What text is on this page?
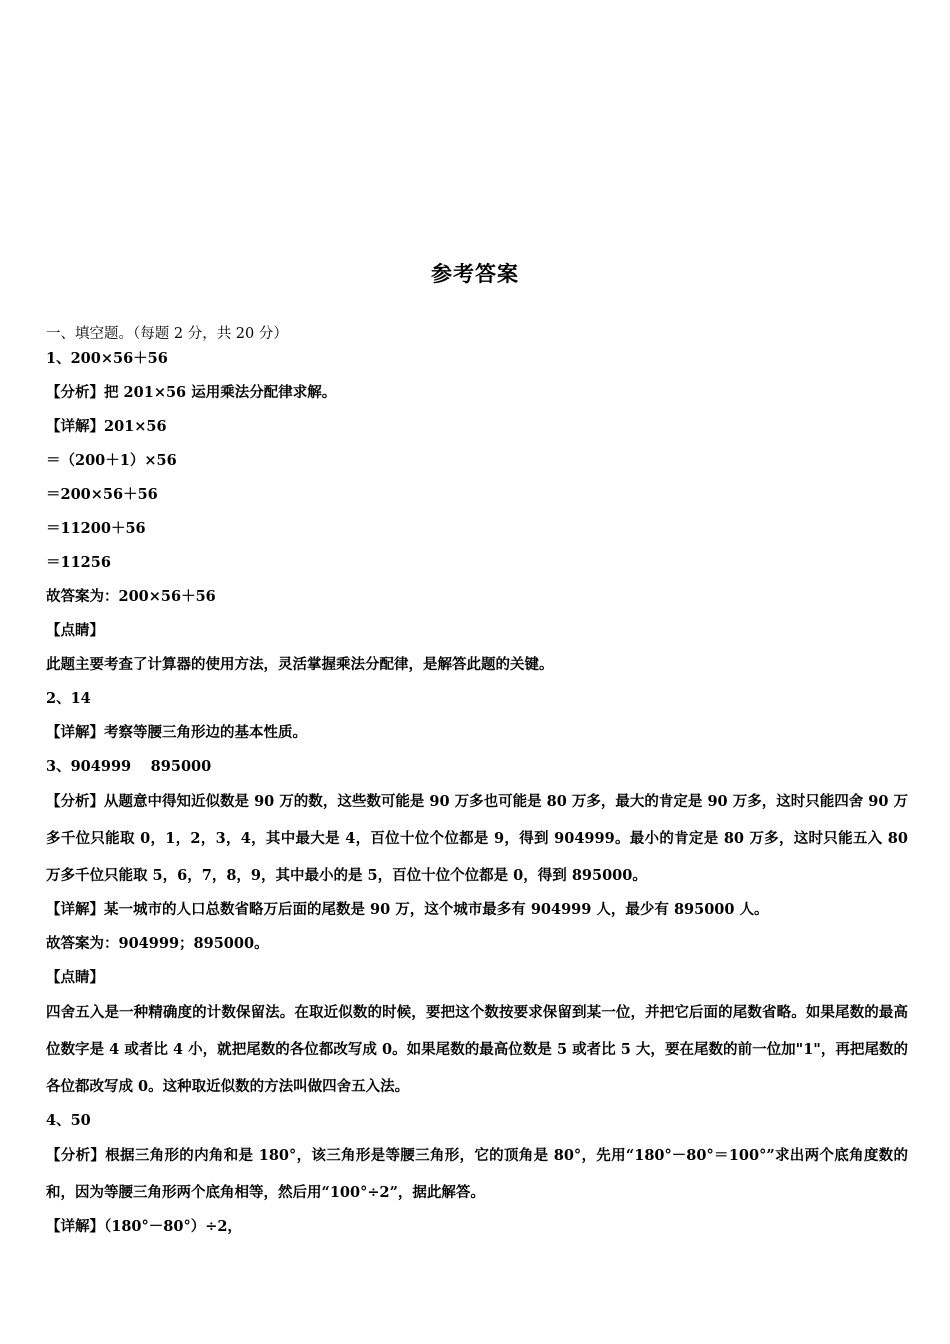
参考答案
一、填空题。（每题 2 分，共 20 分）
1、200×56＋56
【分析】把 201×56 运用乘法分配律求解。
【详解】201×56
＝（200＋1）×56
＝200×56＋56
＝11200＋56
＝11256
故答案为：200×56＋56
【点睛】
此题主要考查了计算器的使用方法，灵活掌握乘法分配律，是解答此题的关键。
2、14
【详解】考察等腰三角形边的基本性质。
3、904999　 895000
【分析】从题意中得知近似数是 90 万的数，这些数可能是 90 万多也可能是 80 万多，最大的肯定是 90 万多，这时只能四舍 90 万多千位只能取 0，1，2，3，4，其中最大是 4，百位十位个位都是 9，得到 904999。最小的肯定是 80 万多，这时只能五入 80 万多千位只能取 5，6，7，8，9，其中最小的是 5，百位十位个位都是 0，得到 895000。
【详解】某一城市的人口总数省略万后面的尾数是 90 万，这个城市最多有 904999 人，最少有 895000 人。
故答案为：904999；895000。
【点睛】
四舍五入是一种精确度的计数保留法。在取近似数的时候，要把这个数按要求保留到某一位，并把它后面的尾数省略。如果尾数的最高位数字是 4 或者比 4 小，就把尾数的各位都改写成 0。如果尾数的最高位数是 5 或者比 5 大，要在尾数的前一位加"1"，再把尾数的各位都改写成 0。这种取近似数的方法叫做四舍五入法。
4、50
【分析】根据三角形的内角和是 180°，该三角形是等腰三角形，它的顶角是 80°，先用“180°－80°＝100°”求出两个底角度数的和，因为等腰三角形两个底角相等，然后用“100°÷2”，据此解答。
【详解】（180°－80°）÷2，
